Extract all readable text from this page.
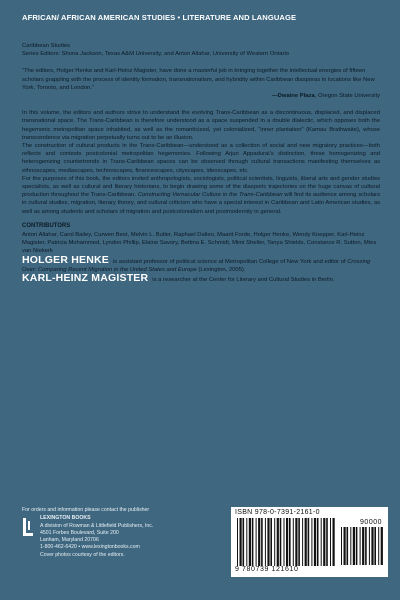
AFRICAN/ AFRICAN AMERICAN STUDIES • LITERATURE AND LANGUAGE

Caribbean Studies

Series Editors: Shona Jackson, Texas A&M University, and Anton Allahar, University of Western Ontario

“The editors, Holger Henke and Karl-Heinz Magister, have done a masterful job in bringing together the intellectual energies of fifteen scholars grappling with the process of identity formation, transnationalism, and hybridity within Caribbean diasporas in locations like New York, Toronto, and London.”

—Dwaine Plaza, Oregon State University

In this volume, the editors and authors strive to understand the evolving Trans-Caribbean as a discontinuous, displaced, and displaced transnational space. The Trans-Caribbean is therefore understood as a space suspended in a double dialectic, which opposes both the hegemonic metropolitan space inhabited, as well as the romanticized, yet colonialized, “inner plantation” (Kamau Brathwaite), whose transcendence via migration perpetually turns out to be an illusion.

The construction of cultural products in the Trans-Caribbean—understood as a collection of social and new migratory practices—both reflects and contests postcolonial metropolitan hegemonies. Following Arjun Appadurai’s distinction, these homogenizing and heterogenizing countertrends in Trans-Caribbean spaces can be observed through cultural transactions manifesting themselves as ethnoscapes, mediascapes, technoscapes, financescapes, cityscapes, ideoscapes, etc.

For the purposes of this book, the editors invited anthropologists, sociologists, political scientists, linguists, liberal arts and gender studies specialists, as well as cultural and literary historians, to begin drawing some of the diasporic trajectories on the huge canvas of cultural production throughout the Trans-Caribbean. Constructing Vernacular Culture in the Trans-Caribbean will find its audience among scholars in cultural studies, migration, literary theory, and cultural criticism who have a special interest in Caribbean and Latin American studies, as well as among students and scholars of migration and postcolonialism and postmodernity in general.

CONTRIBUTORS

Anton Allahar, Carol Bailey, Curwen Best, Melvin L. Butler, Raphael Dalleo, Maarit Forde, Holger Henke, Wendy Knepper, Karl-Heinz Magister, Patricia Mohammed, Lyndon Phillip, Elaine Savory, Bettina E. Schmidt, Mimi Sheller, Tanya Shields, Constance R. Sutton, Mies van Niekerk

HOLGER HENKE is assistant professor of political science at Metropolitan College of New York and editor of Crossing Over: Comparing Recent Migration in the United States and Europe (Lexington, 2005).

KARL-HEINZ MAGISTER is a researcher at the Center for Literary and Cultural Studies in Berlin.

For orders and information please contact the publisher
LEXINGTON BOOKS
A division of Rowman & Littlefield Publishers, Inc.
4501 Forbes Boulevard, Suite 200
Lanham, Maryland 20706
1-800-462-6420 • www.lexingtonbooks.com
Cover photos courtesy of the editors.
ISBN 978-0-7391-2161-0
90000
9 780739 121610
